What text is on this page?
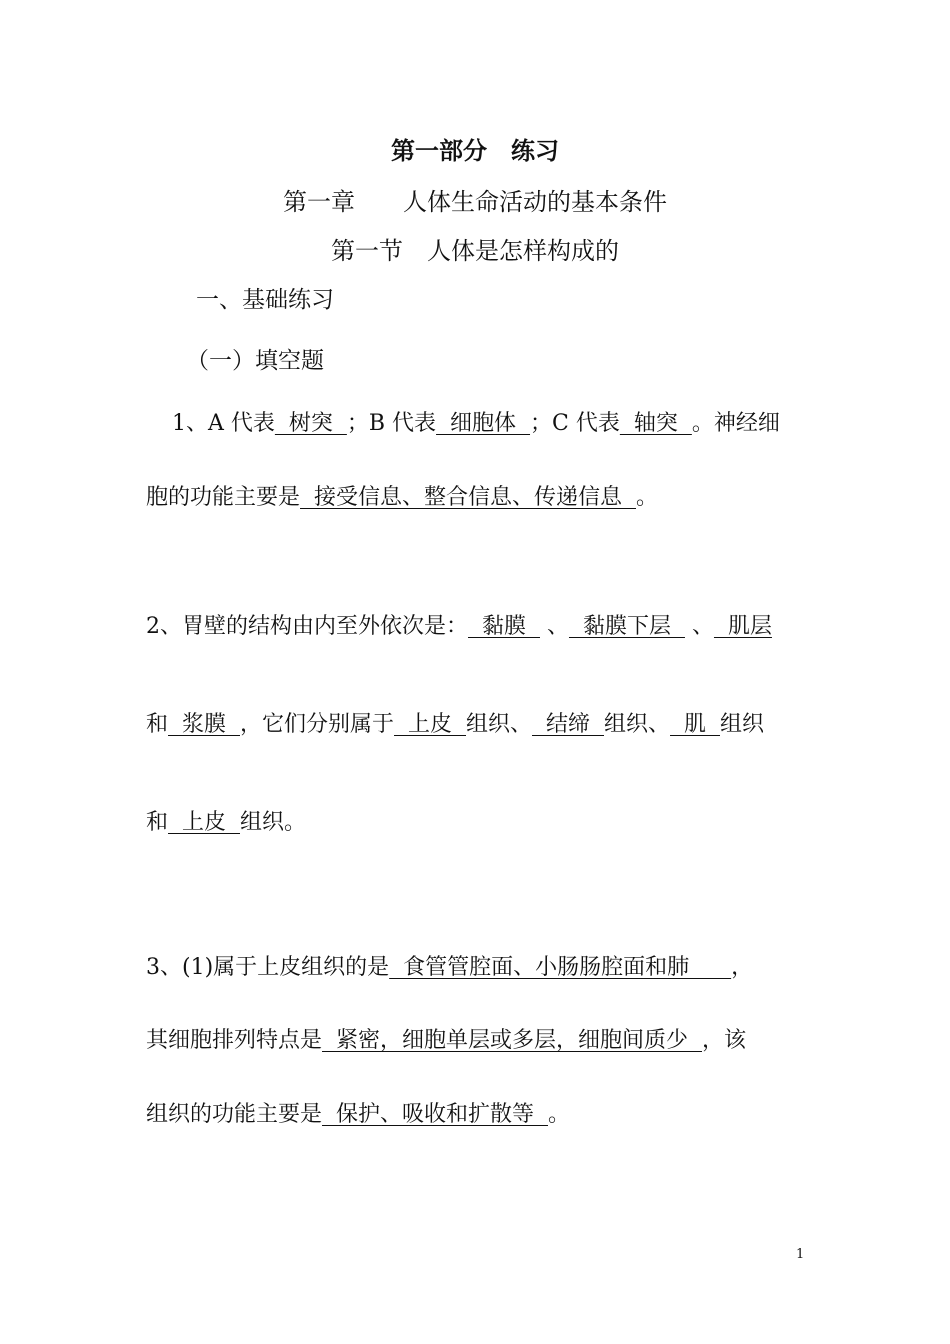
第一部分　练习
第一章　　人体生命活动的基本条件
第一节　人体是怎样构成的
一、基础练习
（一）填空题
1、A 代表  树突  ；B 代表  细胞体  ；C 代表  轴突  。神经细
胞的功能主要是  接受信息、整合信息、传递信息  。
2、胃壁的结构由内至外依次是：  黏膜   、  黏膜下层   、  肌层
和  浆膜  ，它们分别属于  上皮  组织、  结缔  组织、  肌  组织
和  上皮  组织。
3、(1)属于上皮组织的是  食管管腔面、小肠肠腔面和肺      ，
其细胞排列特点是  紧密，细胞单层或多层，细胞间质少  ，该
组织的功能主要是  保护、吸收和扩散等  。
1
